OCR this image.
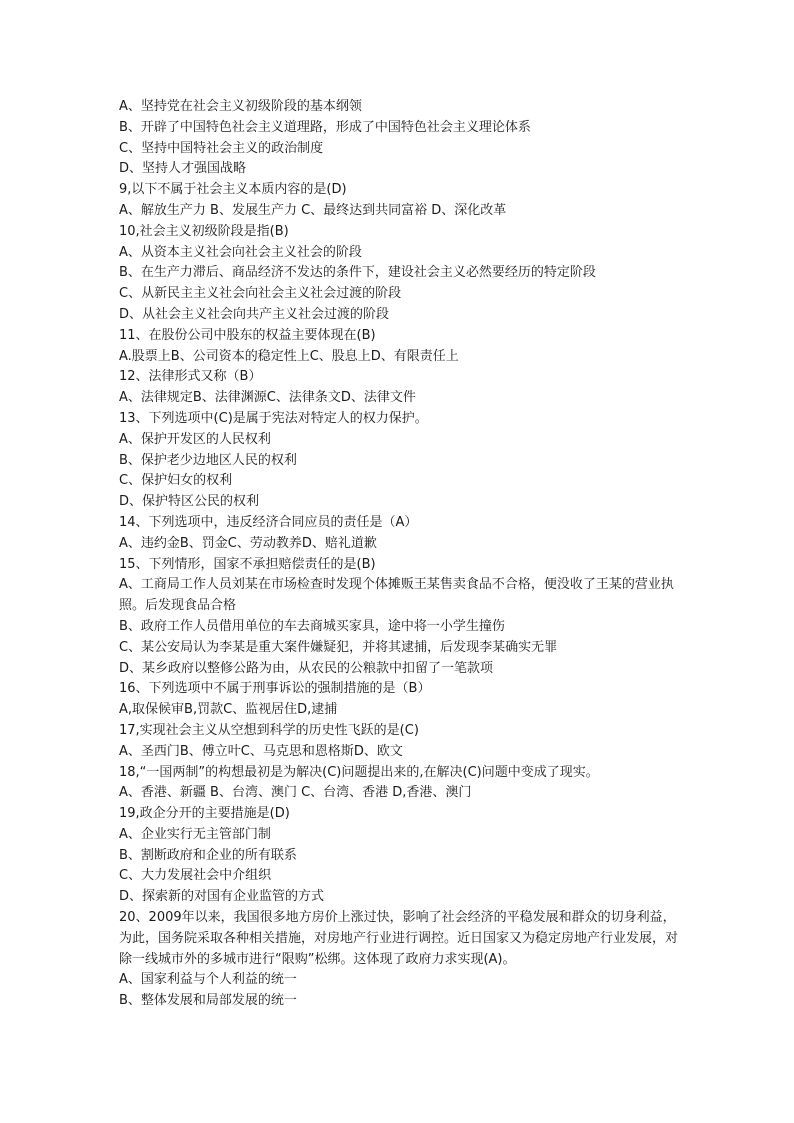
A、坚持党在社会主义初级阶段的基本纲领
B、开辟了中国特色社会主义道理路，形成了中国特色社会主义理论体系
C、坚持中国特社会主义的政治制度
D、坚持人才强国战略
9,以下不属于社会主义本质内容的是(D)
A、解放生产力 B、发展生产力 C、最终达到共同富裕 D、深化改革
10,社会主义初级阶段是指(B)
A、从资本主义社会向社会主义社会的阶段
B、在生产力滞后、商品经济不发达的条件下，建设社会主义必然要经历的特定阶段
C、从新民主主义社会向社会主义社会过渡的阶段
D、从社会主义社会向共产主义社会过渡的阶段
11、在股份公司中股东的权益主要体现在(B)
A.股票上B、公司资本的稳定性上C、股息上D、有限责任上
12、法律形式又称（B）
A、法律规定B、法律渊源C、法律条文D、法律文件
13、下列选项中(C)是属于宪法对特定人的权力保护。
A、保护开发区的人民权利
B、保护老少边地区人民的权利
C、保护妇女的权利
D、保护特区公民的权利
14、下列选项中，违反经济合同应员的责任是（A）
A、违约金B、罚金C、劳动教养D、赔礼道歉
15、下列情形，国家不承担赔偿责任的是(B)
A、工商局工作人员刘某在市场检查时发现个体摊贩王某售卖食品不合格，便没收了王某的营业执照。后发现食品合格
B、政府工作人员借用单位的车去商城买家具，途中将一小学生撞伤
C、某公安局认为李某是重大案件嫌疑犯，并将其逮捕，后发现李某确实无罪
D、某乡政府以整修公路为由，从农民的公粮款中扣留了一笔款项
16、下列选项中不属于刑事诉讼的强制措施的是（B）
A,取保候审B,罚款C、监视居住D,逮捕
17,实现社会主义从空想到科学的历史性飞跃的是(C)
A、圣西门B、傅立叶C、马克思和恩格斯D、欧文
18,“一国两制”的构想最初是为解决(C)问题提出来的,在解决(C)问题中变成了现实。
A、香港、新疆 B、台湾、澳门 C、台湾、香港 D,香港、澳门
19,政企分开的主要措施是(D)
A、企业实行无主管部门制
B、割断政府和企业的所有联系
C、大力发展社会中介组织
D、探索新的对国有企业监管的方式
20、2009年以来，我国很多地方房价上涨过快，影响了社会经济的平稳发展和群众的切身利益，为此，国务院采取各种相关措施，对房地产行业进行调控。近日国家又为稳定房地产行业发展，对除一线城市外的多城市进行“限购”松绑。这体现了政府力求实现(A)。
A、国家利益与个人利益的统一
B、整体发展和局部发展的统一
